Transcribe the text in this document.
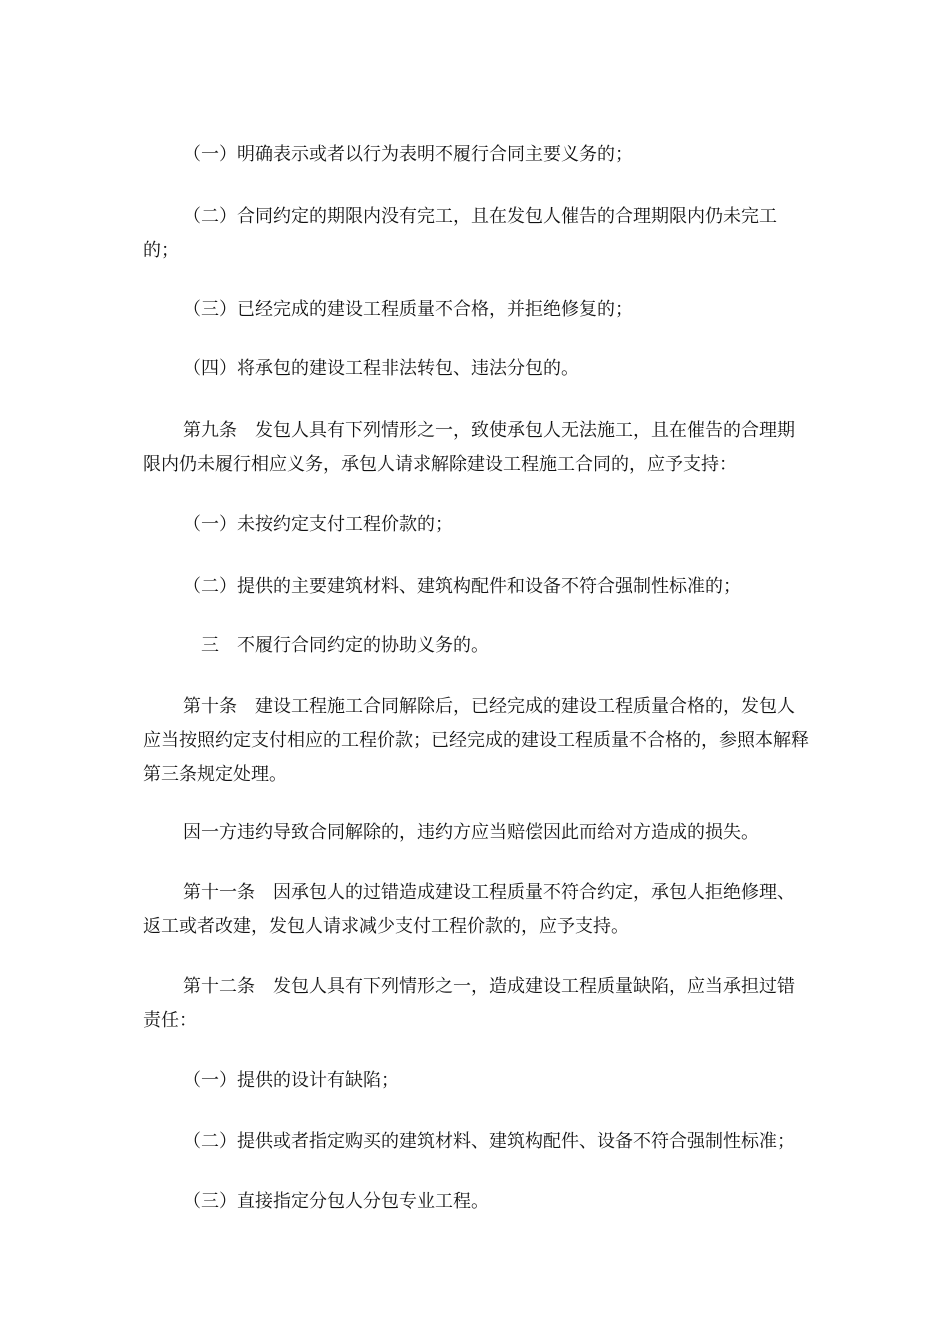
（一）明确表示或者以行为表明不履行合同主要义务的；

（二）合同约定的期限内没有完工，且在发包人催告的合理期限内仍未完工的；

（三）已经完成的建设工程质量不合格，并拒绝修复的；

（四）将承包的建设工程非法转包、违法分包的。

第九条　发包人具有下列情形之一，致使承包人无法施工，且在催告的合理期限内仍未履行相应义务，承包人请求解除建设工程施工合同的，应予支持：

（一）未按约定支付工程价款的；

（二）提供的主要建筑材料、建筑构配件和设备不符合强制性标准的；

　三　不履行合同约定的协助义务的。

第十条　建设工程施工合同解除后，已经完成的建设工程质量合格的，发包人应当按照约定支付相应的工程价款；已经完成的建设工程质量不合格的，参照本解释第三条规定处理。

因一方违约导致合同解除的，违约方应当赔偿因此而给对方造成的损失。

第十一条　因承包人的过错造成建设工程质量不符合约定，承包人拒绝修理、返工或者改建，发包人请求减少支付工程价款的，应予支持。

第十二条　发包人具有下列情形之一，造成建设工程质量缺陷，应当承担过错责任：

（一）提供的设计有缺陷；

（二）提供或者指定购买的建筑材料、建筑构配件、设备不符合强制性标准；

（三）直接指定分包人分包专业工程。
